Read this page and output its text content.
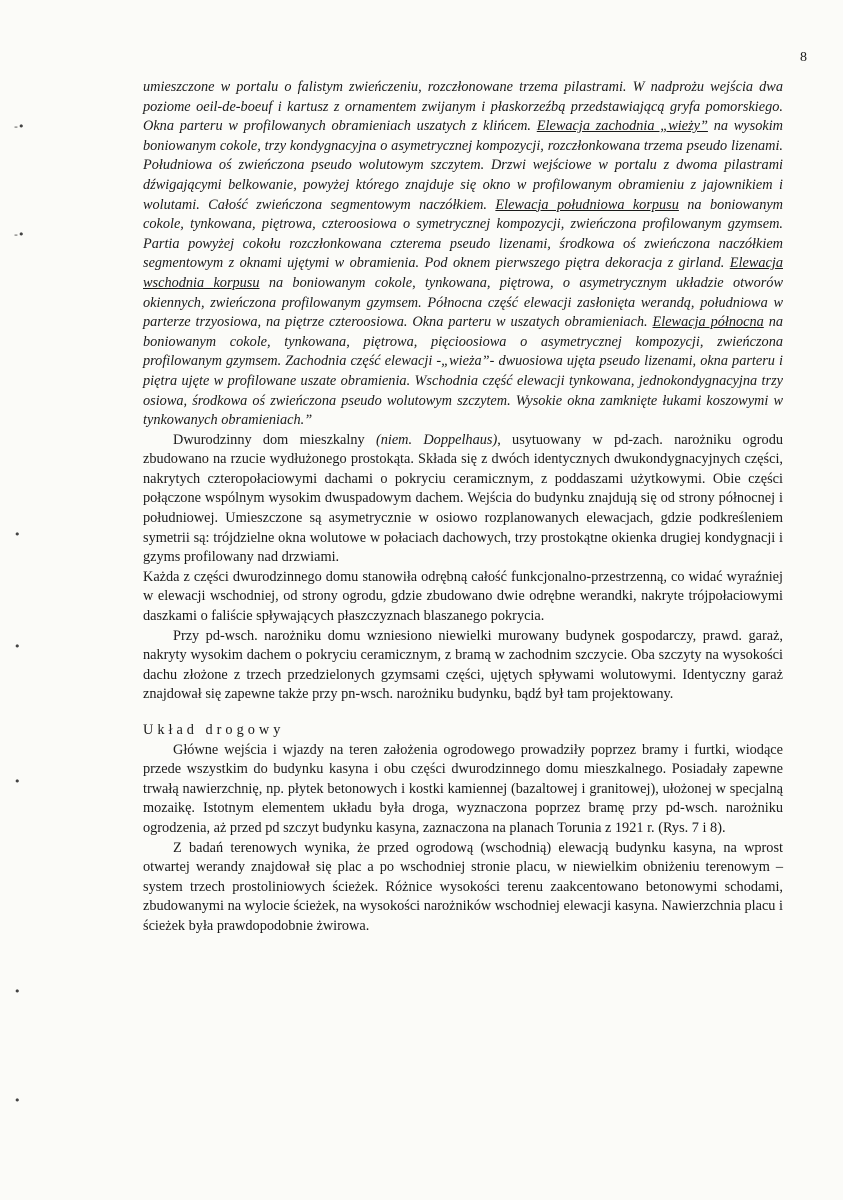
8
-•
-•
•
•
•
•
•

umieszczone w portalu o falistym zwieńczeniu, rozczłonowane trzema pilastrami. W nadprożu wejścia dwa poziome oeil-de-boeuf i kartusz z ornamentem zwijanym i płaskorzeźbą przedstawiającą gryfa pomorskiego. Okna parteru w profilowanych obramieniach uszatych z klińcem. Elewacja zachodnia „wieży” na wysokim boniowanym cokole, trzy kondygnacyjna o asymetrycznej kompozycji, rozczłonkowana trzema pseudo lizenami. Południowa oś zwieńczona pseudo wolutowym szczytem. Drzwi wejściowe w portalu z dwoma pilastrami dźwigającymi belkowanie, powyżej którego znajduje się okno w profilowanym obramieniu z jajownikiem i wolutami. Całość zwieńczona segmentowym naczółkiem. Elewacja południowa korpusu na boniowanym cokole, tynkowana, piętrowa, czteroosiowa o symetrycznej kompozycji, zwieńczona profilowanym gzymsem. Partia powyżej cokołu rozczłonkowana czterema pseudo lizenami, środkowa oś zwieńczona naczółkiem segmentowym z oknami ujętymi w obramienia. Pod oknem pierwszego piętra dekoracja z girland. Elewacja wschodnia korpusu na boniowanym cokole, tynkowana, piętrowa, o asymetrycznym układzie otworów okiennych, zwieńczona profilowanym gzymsem. Północna część elewacji zasłonięta werandą, południowa w parterze trzyosiowa, na piętrze czteroosiowa. Okna parteru w uszatych obramieniach. Elewacja północna na boniowanym cokole, tynkowana, piętrowa, pięcioosiowa o asymetrycznej kompozycji, zwieńczona profilowanym gzymsem. Zachodnia część elewacji -„wieża”- dwuosiowa ujęta pseudo lizenami, okna parteru i piętra ujęte w profilowane uszate obramienia. Wschodnia część elewacji tynkowana, jednokondygnacyjna trzy osiowa, środkowa oś zwieńczona pseudo wolutowym szczytem. Wysokie okna zamknięte łukami koszowymi w tynkowanych obramieniach.”

Dwurodzinny dom mieszkalny (niem. Doppelhaus), usytuowany w pd-zach. narożniku ogrodu zbudowano na rzucie wydłużonego prostokąta. Składa się z dwóch identycznych dwukondygnacyjnych części, nakrytych czteropołaciowymi dachami o pokryciu ceramicznym, z poddaszami użytkowymi. Obie części połączone wspólnym wysokim dwuspadowym dachem. Wejścia do budynku znajdują się od strony północnej i południowej. Umieszczone są asymetrycznie w osiowo rozplanowanych elewacjach, gdzie podkreśleniem symetrii są: trójdzielne okna wolutowe w połaciach dachowych, trzy prostokątne okienka drugiej kondygnacji i gzyms profilowany nad drzwiami.

Każda z części dwurodzinnego domu stanowiła odrębną całość funkcjonalno-przestrzenną, co widać wyraźniej w elewacji wschodniej, od strony ogrodu, gdzie zbudowano dwie odrębne werandki, nakryte trójpołaciowymi daszkami o faliście spływających płaszczyznach blaszanego pokrycia.

Przy pd-wsch. narożniku domu wzniesiono niewielki murowany budynek gospodarczy, prawd. garaż, nakryty wysokim dachem o pokryciu ceramicznym, z bramą w zachodnim szczycie. Oba szczyty na wysokości dachu złożone z trzech przedzielonych gzymsami części, ujętych spływami wolutowymi. Identyczny garaż znajdował się zapewne także przy pn-wsch. narożniku budynku, bądź był tam projektowany.

Układ drogowy

Główne wejścia i wjazdy na teren założenia ogrodowego prowadziły poprzez bramy i furtki, wiodące przede wszystkim do budynku kasyna i obu części dwurodzinnego domu mieszkalnego. Posiadały zapewne trwałą nawierzchnię, np. płytek betonowych i kostki kamiennej (bazaltowej i granitowej), ułożonej w specjalną mozaikę. Istotnym elementem układu była droga, wyznaczona poprzez bramę przy pd-wsch. narożniku ogrodzenia, aż przed pd szczyt budynku kasyna, zaznaczona na planach Torunia z 1921 r. (Rys. 7 i 8).

Z badań terenowych wynika, że przed ogrodową (wschodnią) elewacją budynku kasyna, na wprost otwartej werandy znajdował się plac a po wschodniej stronie placu, w niewielkim obniżeniu terenowym – system trzech prostoliniowych ścieżek. Różnice wysokości terenu zaakcentowano betonowymi schodami, zbudowanymi na wylocie ścieżek, na wysokości narożników wschodniej elewacji kasyna. Nawierzchnia placu i ścieżek była prawdopodobnie żwirowa.
